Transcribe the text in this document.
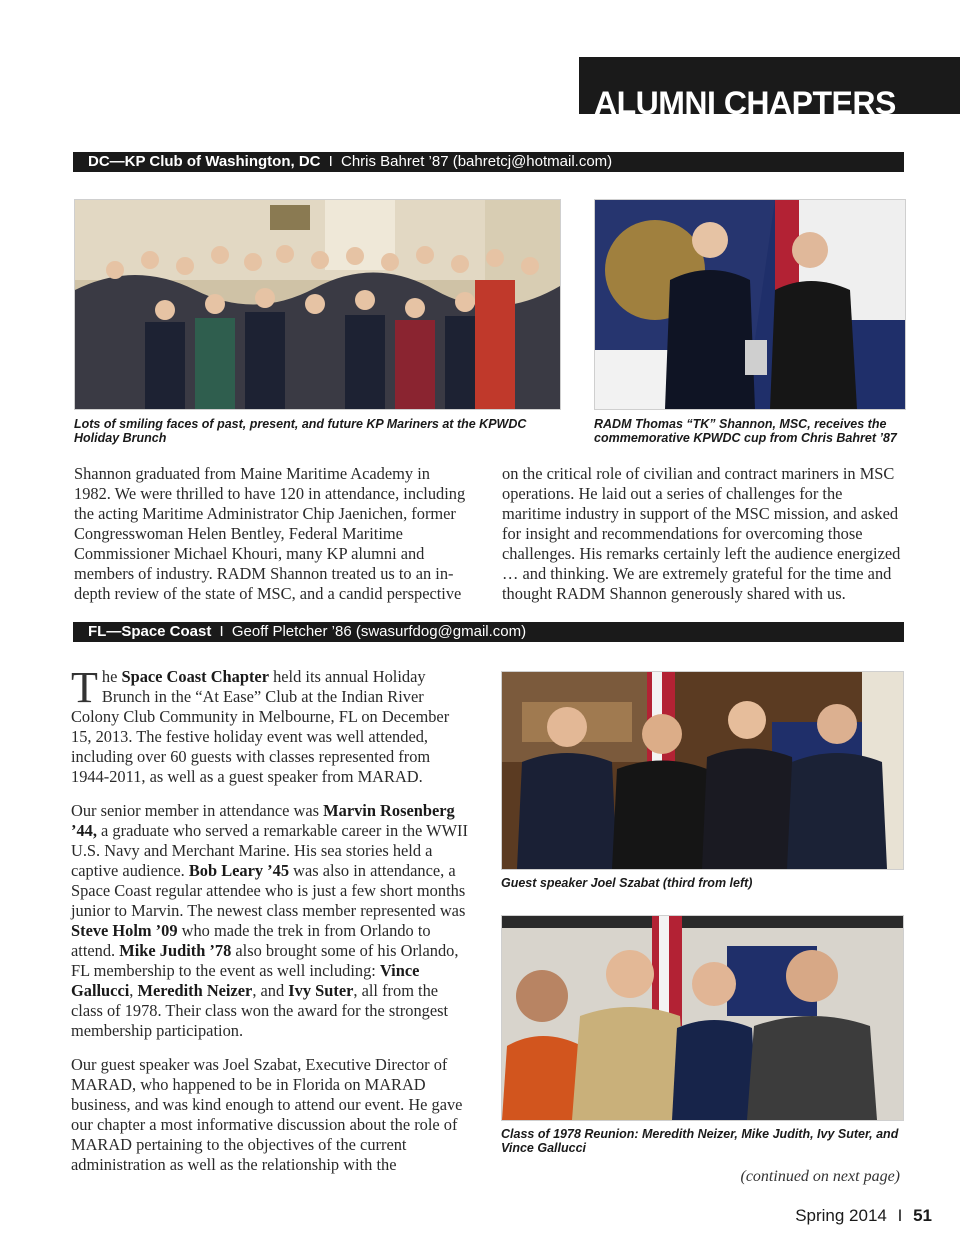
ALUMNI CHAPTERS
DC—KP Club of Washington, DC I Chris Bahret ’87 (bahretcj@hotmail.com)
Lots of smiling faces of past, present, and future KP Mariners at the KPWDC Holiday Brunch
RADM Thomas “TK” Shannon, MSC, receives the commemorative KPWDC cup from Chris Bahret ’87

Shannon graduated from Maine Maritime Academy in 1982. We were thrilled to have 120 in attendance, including the acting Maritime Administrator Chip Jaenichen, former Congresswoman Helen Bentley, Federal Maritime Commissioner Michael Khouri, many KP alumni and members of industry. RADM Shannon treated us to an in-depth review of the state of MSC, and a candid perspective

on the critical role of civilian and contract mariners in MSC operations. He laid out a series of challenges for the maritime industry in support of the MSC mission, and asked for insight and recommendations for overcoming those challenges. His remarks certainly left the audience energized … and thinking. We are extremely grateful for the time and thought RADM Shannon generously shared with us.

FL—Space Coast I Geoff Pletcher ’86 (swasurfdog@gmail.com)

The Space Coast Chapter held its annual Holiday Brunch in the “At Ease” Club at the Indian River Colony Club Community in Melbourne, FL on December 15, 2013. The festive holiday event was well attended, including over 60 guests with classes represented from 1944-2011, as well as a guest speaker from MARAD.

Our senior member in attendance was Marvin Rosenberg ’44, a graduate who served a remarkable career in the WWII U.S. Navy and Merchant Marine. His sea stories held a captive audience. Bob Leary ’45 was also in attendance, a Space Coast regular attendee who is just a few short months junior to Marvin. The newest class member represented was Steve Holm ’09 who made the trek in from Orlando to attend. Mike Judith ’78 also brought some of his Orlando, FL membership to the event as well including: Vince Gallucci, Meredith Neizer, and Ivy Suter, all from the class of 1978. Their class won the award for the strongest membership participation.

Our guest speaker was Joel Szabat, Executive Director of MARAD, who happened to be in Florida on MARAD business, and was kind enough to attend our event. He gave our chapter a most informative discussion about the role of MARAD pertaining to the objectives of the current administration as well as the relationship with the

Guest speaker Joel Szabat (third from left)
Class of 1978 Reunion: Meredith Neizer, Mike Judith, Ivy Suter, and Vince Gallucci
(continued on next page)
Spring 2014 I 51
